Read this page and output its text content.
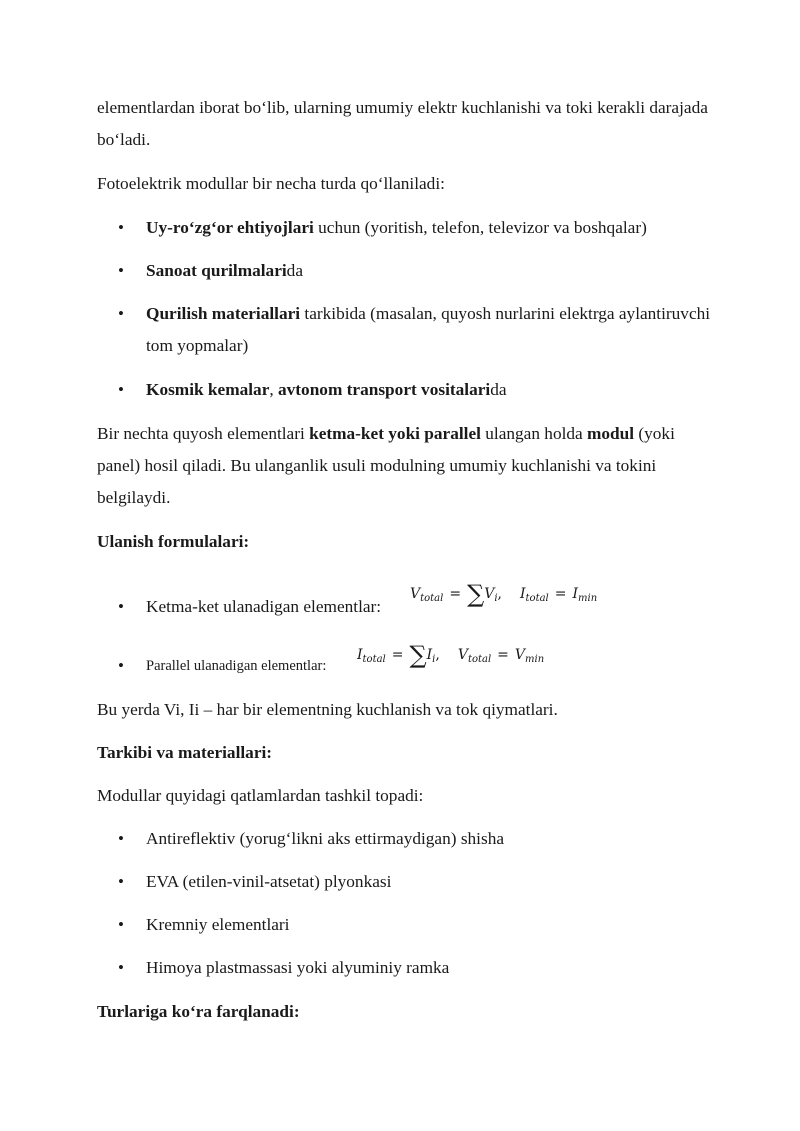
elementlardan iborat bo‘lib, ularning umumiy elektr kuchlanishi va toki kerakli darajada bo‘ladi.

Fotoelektrik modullar bir necha turda qo‘llaniladi:

• Uy-ro‘zg‘or ehtiyojlari uchun (yoritish, telefon, televizor va boshqalar)

• Sanoat qurilmalarida

• Qurilish materiallari tarkibida (masalan, quyosh nurlarini elektrga aylantiruvchi tom yopmalar)

• Kosmik kemalar, avtonom transport vositalarida

Bir nechta quyosh elementlari ketma-ket yoki parallel ulangan holda modul (yoki panel) hosil qiladi. Bu ulanganlik usuli modulning umumiy kuchlanishi va tokini belgilaydi.

Ulanish formulalari:

• Ketma-ket ulanadigan elementlar:

$V_{total} = \sum V_i$, $I_{total} = I_{min}$
• Parallel ulanadigan elementlar:

$I_{total} = \sum I_i$, $V_{total} = V_{min}$

Bu yerda Vi, Ii – har bir elementning kuchlanish va tok qiymatlari.

Tarkibi va materiallari:

Modullar quyidagi qatlamlardan tashkil topadi:

• Antireflektiv (yorug‘likni aks ettirmaydigan) shisha

• EVA (etilen-vinil-atsetat) plyonkasi

• Kremniy elementlari

• Himoya plastmassasi yoki alyuminiy ramka

Turlariga ko‘ra farqlanadi:
